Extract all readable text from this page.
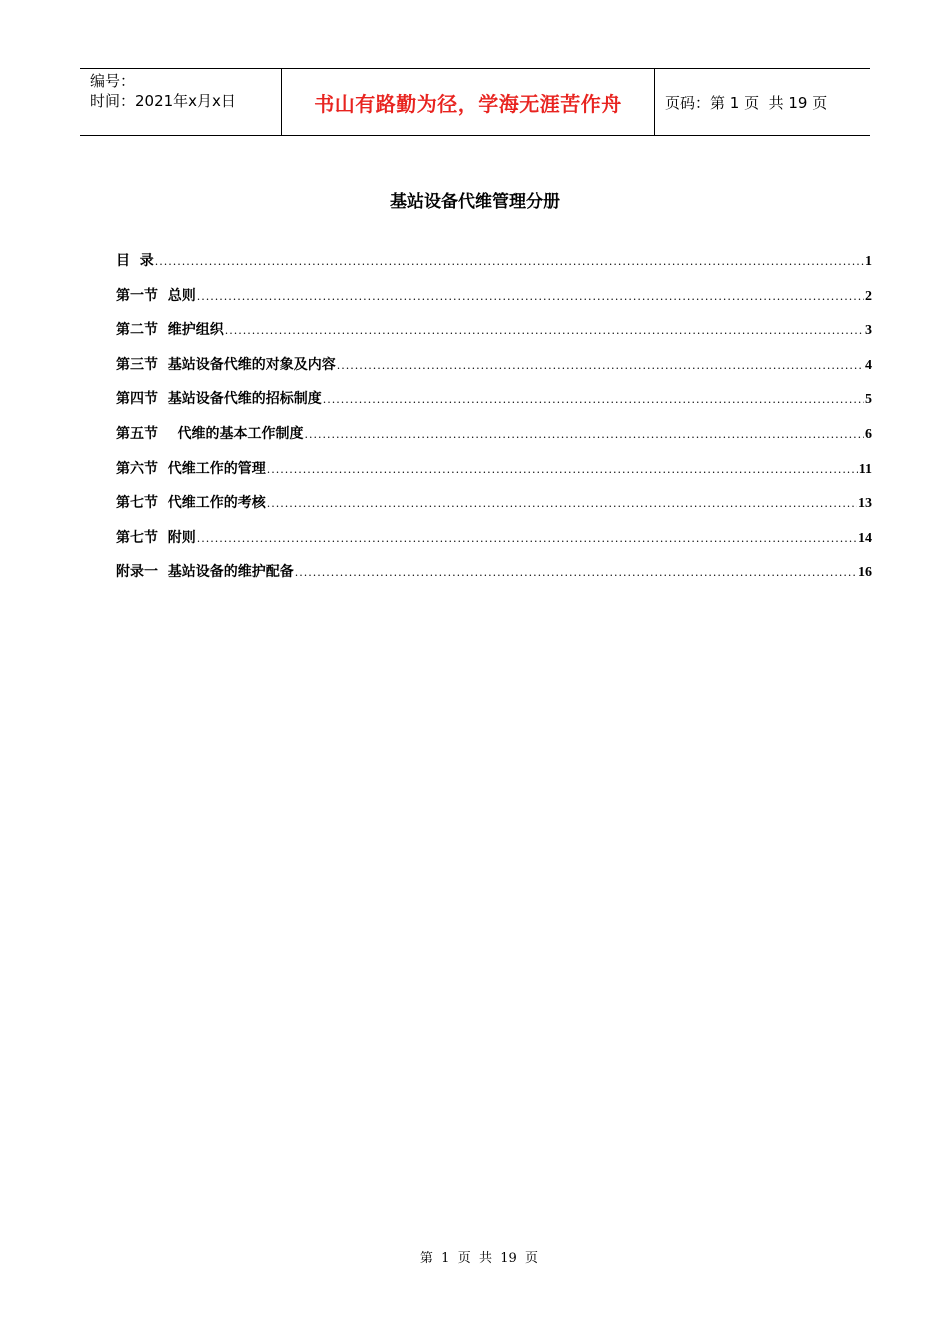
编号：
时间：2021年x月x日	书山有路勤为径，学海无涯苦作舟	页码：第 1 页  共 19 页
基站设备代维管理分册
目  录 .....	1
第一节  总则 .....	2
第二节  维护组织 .....	3
第三节  基站设备代维的对象及内容 .....	4
第四节  基站设备代维的招标制度 .....	5
第五节    代维的基本工作制度 .....	6
第六节  代维工作的管理 .....	11
第七节  代维工作的考核 .....	13
第七节  附则 .....	14
附录一  基站设备的维护配备 .....	16
第  1  页  共  19  页
